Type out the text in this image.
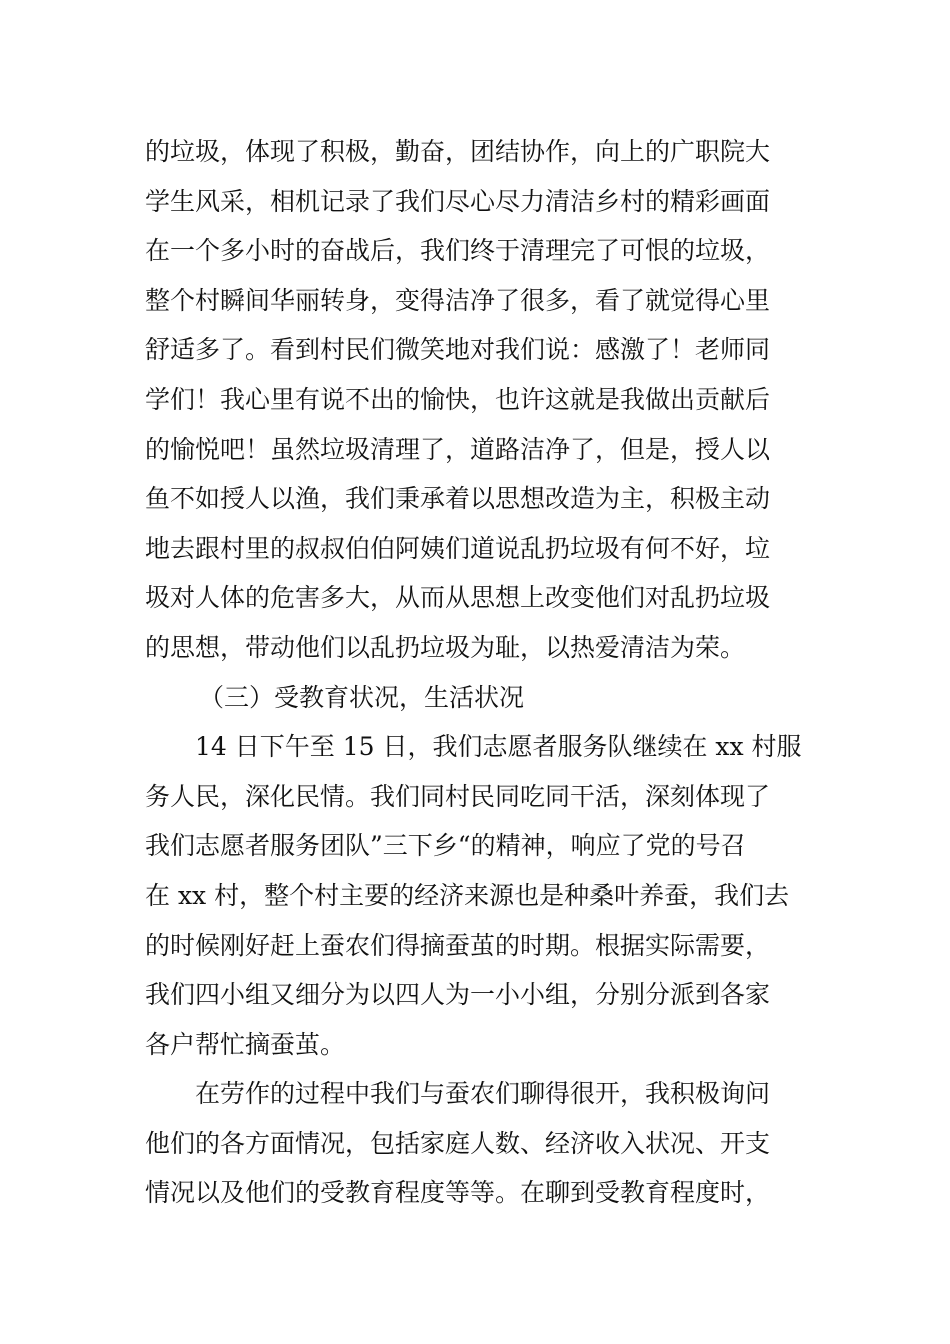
的垃圾，体现了积极，勤奋，团结协作，向上的广职院大
学生风采，相机记录了我们尽心尽力清洁乡村的精彩画面
在一个多小时的奋战后，我们终于清理完了可恨的垃圾，
整个村瞬间华丽转身，变得洁净了很多，看了就觉得心里
舒适多了。看到村民们微笑地对我们说：感激了！老师同
学们！我心里有说不出的愉快，也许这就是我做出贡献后
的愉悦吧！虽然垃圾清理了，道路洁净了，但是，授人以
鱼不如授人以渔，我们秉承着以思想改造为主，积极主动
地去跟村里的叔叔伯伯阿姨们道说乱扔垃圾有何不好，垃
圾对人体的危害多大，从而从思想上改变他们对乱扔垃圾
的思想，带动他们以乱扔垃圾为耻，以热爱清洁为荣。
（三）受教育状况，生活状况
14 日下午至 15 日，我们志愿者服务队继续在 xx 村服
务人民，深化民情。我们同村民同吃同干活，深刻体现了
我们志愿者服务团队”三下乡“的精神，响应了党的号召
在 xx 村，整个村主要的经济来源也是种桑叶养蚕，我们去
的时候刚好赶上蚕农们得摘蚕茧的时期。根据实际需要，
我们四小组又细分为以四人为一小小组，分别分派到各家
各户帮忙摘蚕茧。
在劳作的过程中我们与蚕农们聊得很开，我积极询问
他们的各方面情况，包括家庭人数、经济收入状况、开支
情况以及他们的受教育程度等等。在聊到受教育程度时，
